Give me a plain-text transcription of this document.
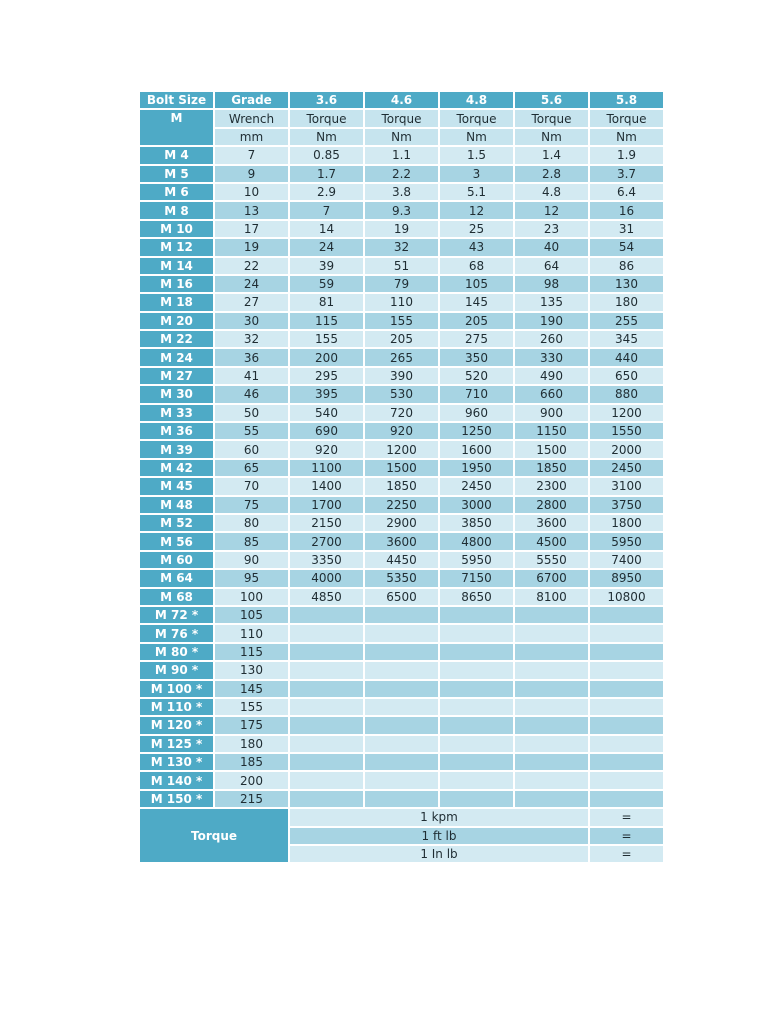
Bolt Size	Grade	3.6	4.6	4.8	5.6	5.8
M	Wrench	Torque	Torque	Torque	Torque	Torque
	mm	Nm	Nm	Nm	Nm	Nm
M 4	7	0.85	1.1	1.5	1.4	1.9
M 5	9	1.7	2.2	3	2.8	3.7
M 6	10	2.9	3.8	5.1	4.8	6.4
M 8	13	7	9.3	12	12	16
M 10	17	14	19	25	23	31
M 12	19	24	32	43	40	54
M 14	22	39	51	68	64	86
M 16	24	59	79	105	98	130
M 18	27	81	110	145	135	180
M 20	30	115	155	205	190	255
M 22	32	155	205	275	260	345
M 24	36	200	265	350	330	440
M 27	41	295	390	520	490	650
M 30	46	395	530	710	660	880
M 33	50	540	720	960	900	1200
M 36	55	690	920	1250	1150	1550
M 39	60	920	1200	1600	1500	2000
M 42	65	1100	1500	1950	1850	2450
M 45	70	1400	1850	2450	2300	3100
M 48	75	1700	2250	3000	2800	3750
M 52	80	2150	2900	3850	3600	1800
M 56	85	2700	3600	4800	4500	5950
M 60	90	3350	4450	5950	5550	7400
M 64	95	4000	5350	7150	6700	8950
M 68	100	4850	6500	8650	8100	10800
M 72 *	105					
M 76 *	110					
M 80 *	115					
M 90 *	130					
M 100 *	145					
M 110 *	155					
M 120 *	175					
M 125 *	180					
M 130 *	185					
M 140 *	200					
M 150 *	215					
Torque		1 kpm				=
		1 ft lb				=
		1 In lb				=
